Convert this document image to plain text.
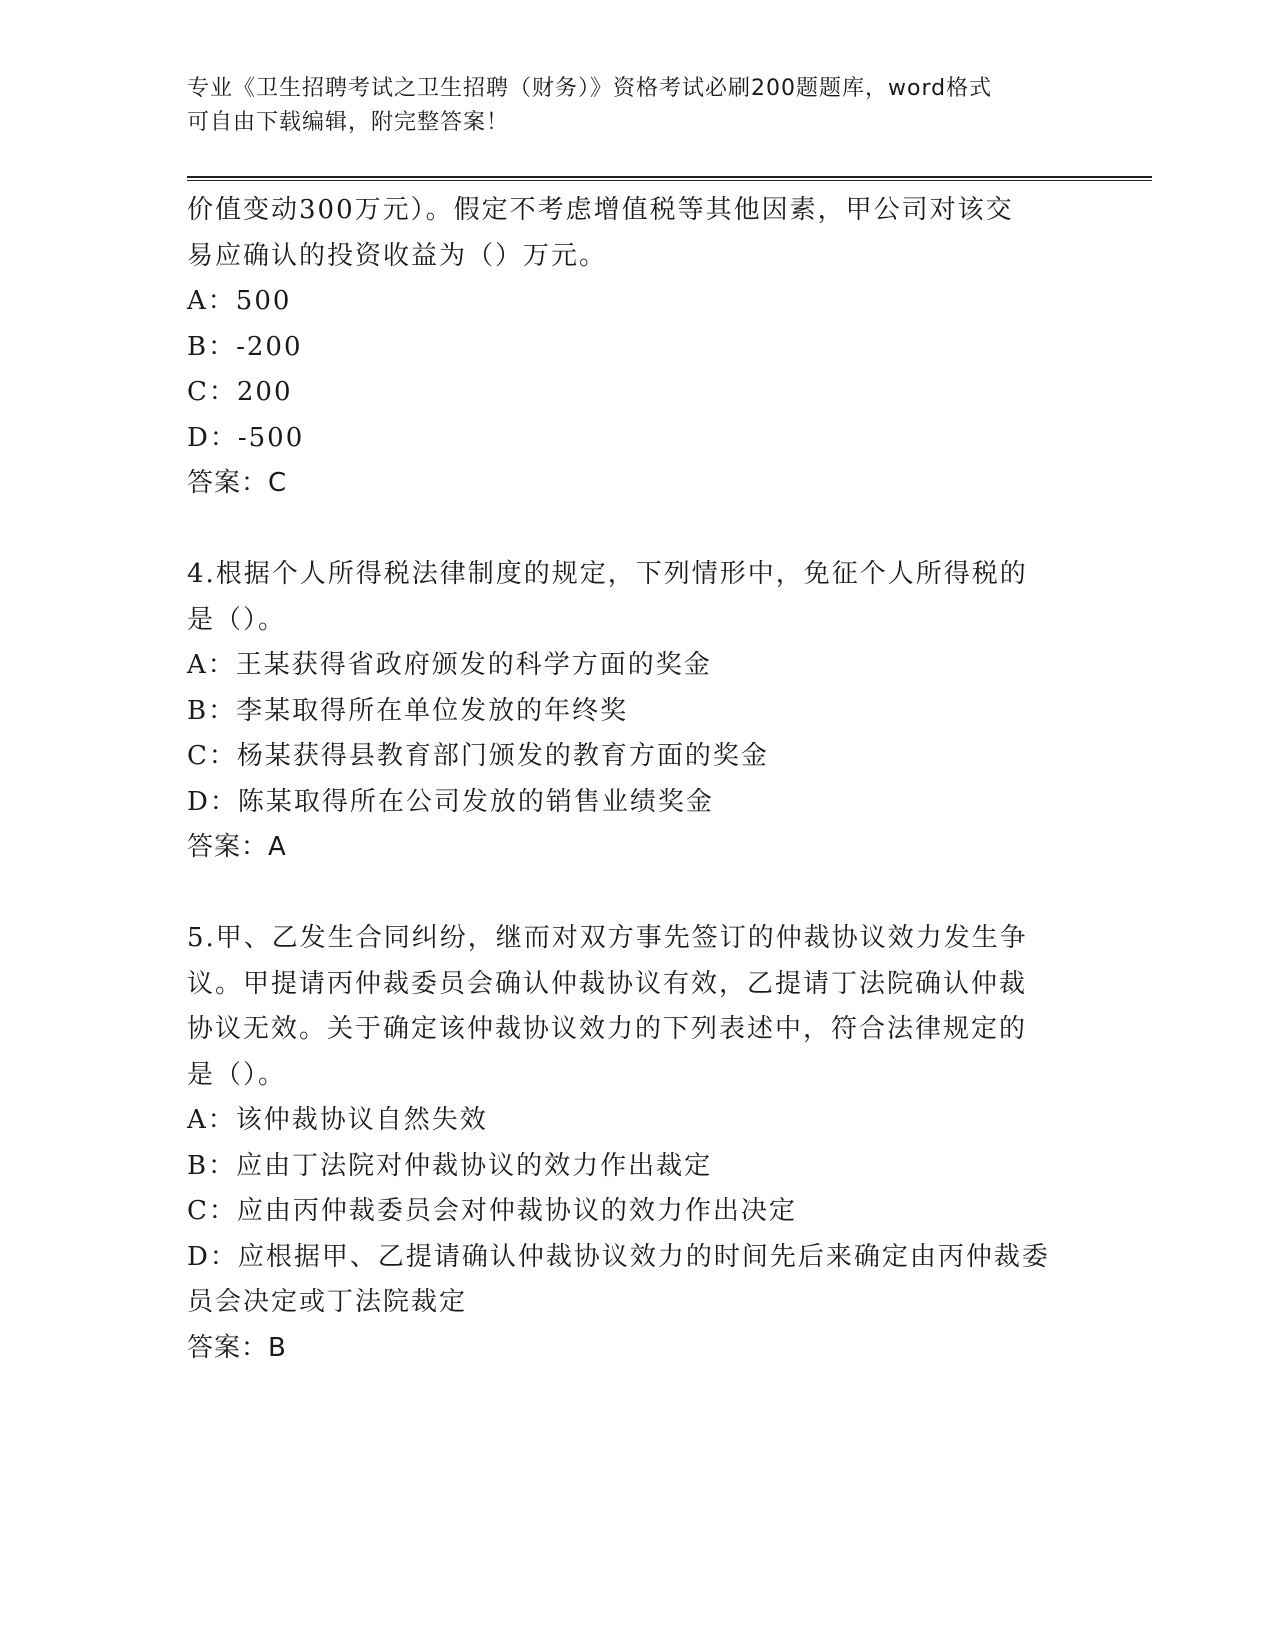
专业《卫生招聘考试之卫生招聘（财务）》资格考试必刷200题题库，word格式
可自由下载编辑，附完整答案！
价值变动300万元）。假定不考虑增值税等其他因素，甲公司对该交
易应确认的投资收益为（）万元。
A：500
B：-200
C：200
D：-500
答案：C
4.根据个人所得税法律制度的规定，下列情形中，免征个人所得税的
是（）。
A：王某获得省政府颁发的科学方面的奖金
B：李某取得所在单位发放的年终奖
C：杨某获得县教育部门颁发的教育方面的奖金
D：陈某取得所在公司发放的销售业绩奖金
答案：A
5.甲、乙发生合同纠纷，继而对双方事先签订的仲裁协议效力发生争
议。甲提请丙仲裁委员会确认仲裁协议有效，乙提请丁法院确认仲裁
协议无效。关于确定该仲裁协议效力的下列表述中，符合法律规定的
是（）。
A：该仲裁协议自然失效
B：应由丁法院对仲裁协议的效力作出裁定
C：应由丙仲裁委员会对仲裁协议的效力作出决定
D：应根据甲、乙提请确认仲裁协议效力的时间先后来确定由丙仲裁委
员会决定或丁法院裁定
答案：B
